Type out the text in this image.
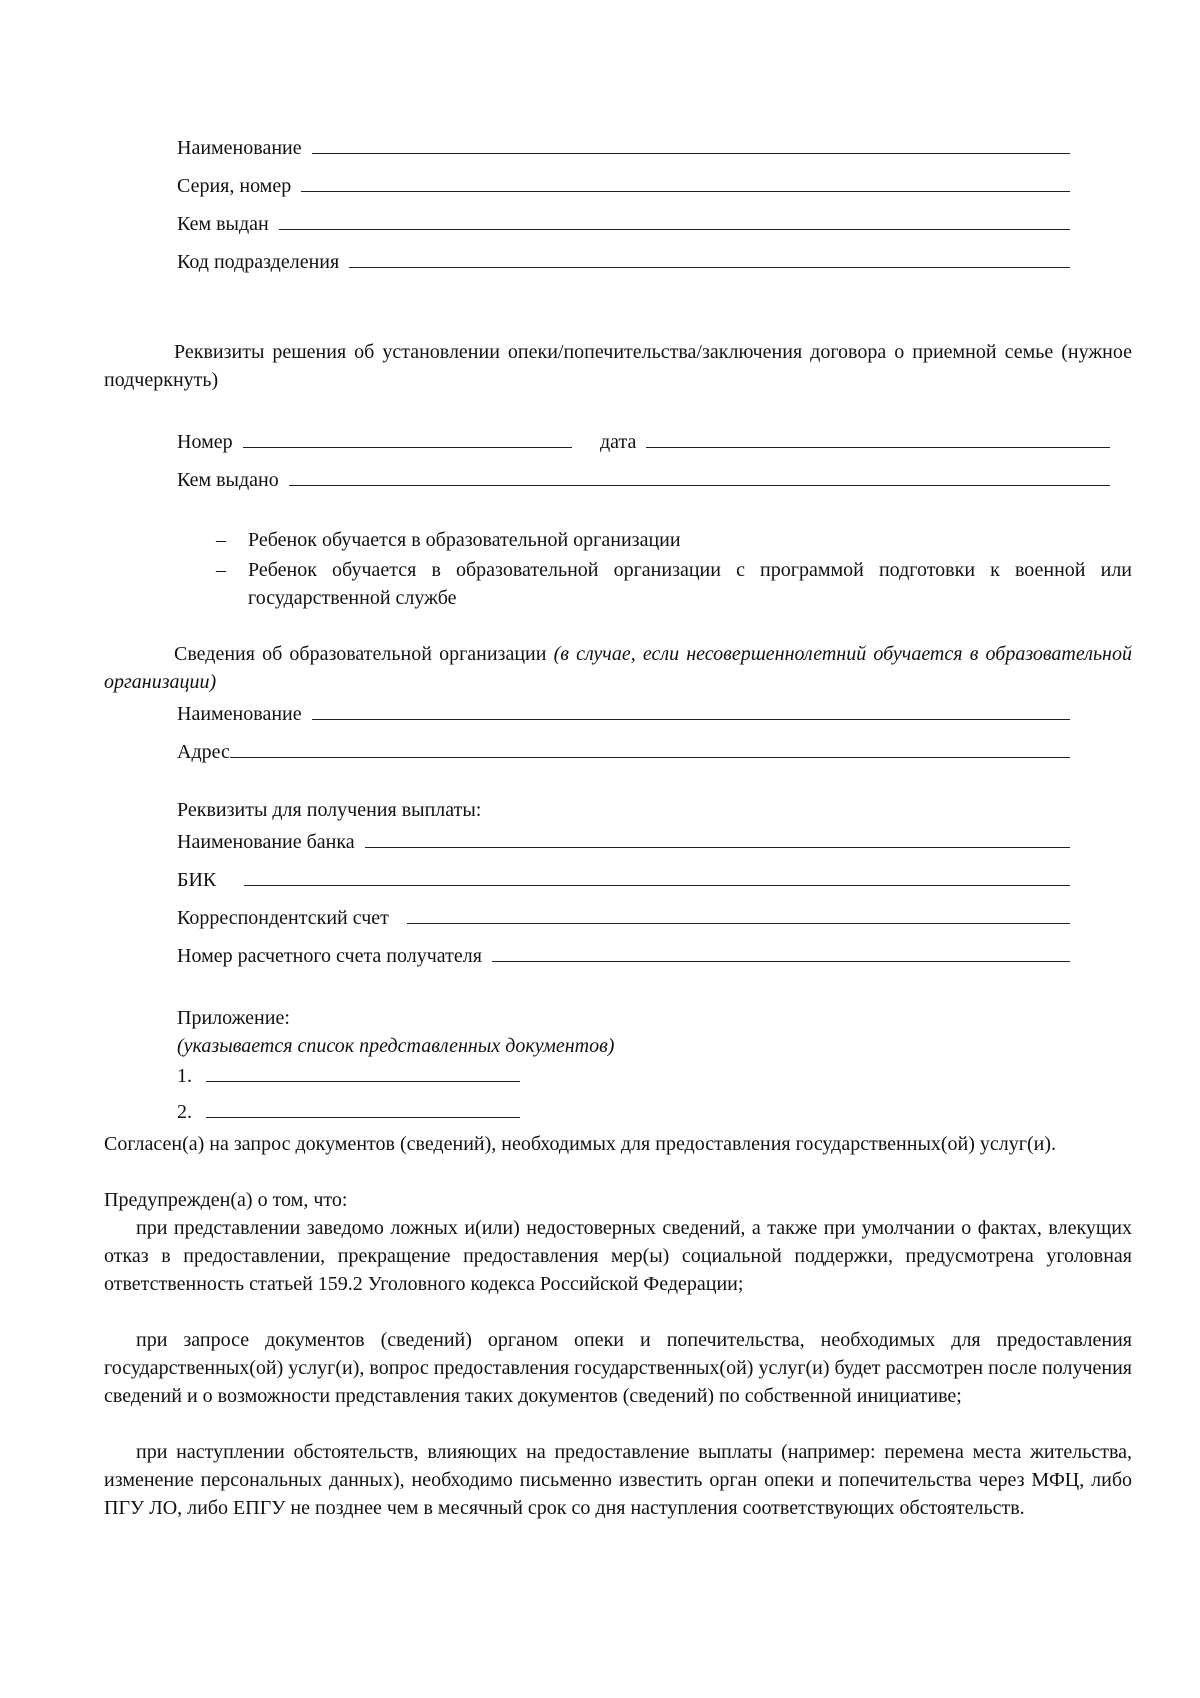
Наименование
Серия, номер
Кем выдан
Код подразделения
Реквизиты решения об установлении опеки/попечительства/заключения договора о приемной семье (нужное подчеркнуть)
Номер	дата
Кем выдано
–	Ребенок обучается в образовательной организации
–	Ребенок обучается в образовательной организации с программой подготовки к военной или государственной службе
Сведения об образовательной организации (в случае, если несовершеннолетний обучается в образовательной организации)
Наименование
Адрес
Реквизиты для получения выплаты:
Наименование банка
БИК
Корреспондентский счет
Номер расчетного счета получателя
Приложение:
(указывается список представленных документов)
1.
2.
Согласен(а) на запрос документов (сведений), необходимых для предоставления государственных(ой) услуг(и).
Предупрежден(а) о том, что:
при представлении заведомо ложных и(или) недостоверных сведений, а также при умолчании о фактах, влекущих отказ в предоставлении, прекращение предоставления мер(ы) социальной поддержки, предусмотрена уголовная ответственность статьей 159.2 Уголовного кодекса Российской Федерации;
при запросе документов (сведений) органом опеки и попечительства, необходимых для предоставления государственных(ой) услуг(и), вопрос предоставления государственных(ой) услуг(и) будет рассмотрен после получения сведений и о возможности представления таких документов (сведений) по собственной инициативе;
при наступлении обстоятельств, влияющих на предоставление выплаты (например: перемена места жительства, изменение персональных данных), необходимо письменно известить орган опеки и попечительства через МФЦ, либо ПГУ ЛО, либо ЕПГУ не позднее чем в месячный срок со дня наступления соответствующих обстоятельств.
